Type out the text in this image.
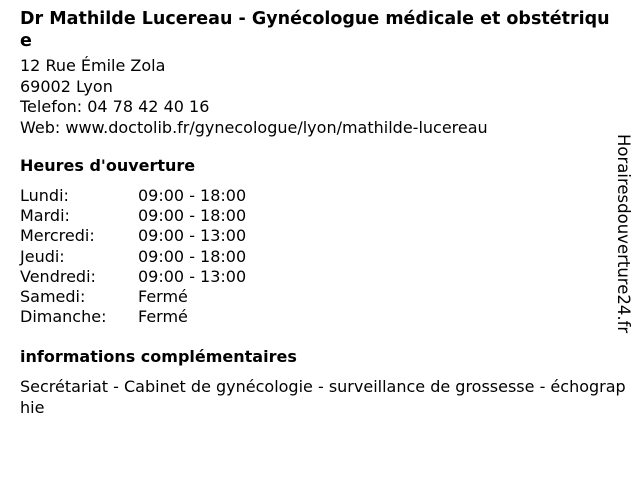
Dr Mathilde Lucereau - Gynécologue médicale et obstétrique
12 Rue Émile Zola
69002 Lyon
Telefon: 04 78 42 40 16
Web: www.doctolib.fr/gynecologue/lyon/mathilde-lucereau
Heures d'ouverture
Lundi:	09:00 - 18:00
Mardi:	09:00 - 18:00
Mercredi:	09:00 - 13:00
Jeudi:	09:00 - 18:00
Vendredi:	09:00 - 13:00
Samedi:	Fermé
Dimanche:	Fermé
informations complémentaires
Secrétariat - Cabinet de gynécologie - surveillance de grossesse - échographie
Horairesdouverture24.fr
